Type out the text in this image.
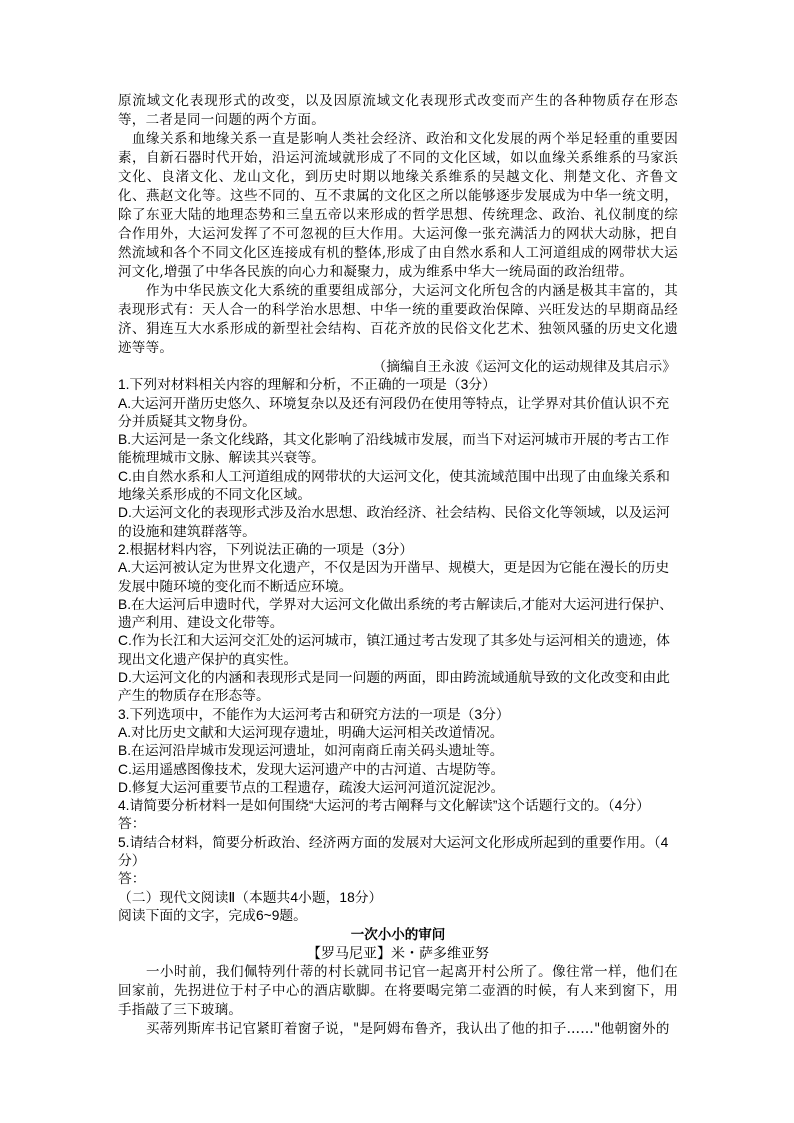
原流域文化表现形式的改变，以及因原流域文化表现形式改变而产生的各种物质存在形态等，二者是同一问题的两个方面。

血缘关系和地缘关系一直是影响人类社会经济、政治和文化发展的两个举足轻重的重要因素，自新石器时代开始，沿运河流域就形成了不同的文化区域，如以血缘关系维系的马家浜文化、良渚文化、龙山文化，到历史时期以地缘关系维系的吴越文化、荆楚文化、齐鲁文化、燕赵文化等。这些不同的、互不隶属的文化区之所以能够逐步发展成为中华一统文明，除了东亚大陆的地理态势和三皇五帝以来形成的哲学思想、传统理念、政治、礼仪制度的综合作用外，大运河发挥了不可忽视的巨大作用。大运河像一张充满活力的网状大动脉，把自然流域和各个不同文化区连接成有机的整体,形成了由自然水系和人工河道组成的网带状大运河文化,增强了中华各民族的向心力和凝聚力，成为维系中华大一统局面的政治纽带。

作为中华民族文化大系统的重要组成部分，大运河文化所包含的内涵是极其丰富的，其表现形式有：天人合一的科学治水思想、中华一统的重要政治保障、兴旺发达的早期商品经济、狷连互大水系形成的新型社会结构、百花齐放的民俗文化艺术、独领风骚的历史文化遗迹等等。

（摘编自王永波《运河文化的运动规律及其启示》

1.下列对材料相关内容的理解和分析，不正确的一项是（3分）

A.大运河开凿历史悠久、环境复杂以及还有河段仍在使用等特点，让学界对其价值认识不充分并质疑其文物身份。

B.大运河是一条文化线路，其文化影响了沿线城市发展，而当下对运河城市开展的考古工作能梳理城市文脉、解读其兴衰等。

C.由自然水系和人工河道组成的网带状的大运河文化，使其流域范围中出现了由血缘关系和地缘关系形成的不同文化区域。

D.大运河文化的表现形式涉及治水思想、政治经济、社会结构、民俗文化等领域，以及运河的设施和建筑群落等。

2.根据材料内容，下列说法正确的一项是（3分）

A.大运河被认定为世界文化遗产，不仅是因为开凿早、规模大，更是因为它能在漫长的历史发展中随环境的变化而不断适应环境。

B.在大运河后申遗时代，学界对大运河文化做出系统的考古解读后,才能对大运河进行保护、遗产利用、建设文化带等。

C.作为长江和大运河交汇处的运河城市，镇江通过考古发现了其多处与运河相关的遗迹，体现出文化遗产保护的真实性。

D.大运河文化的内涵和表现形式是同一问题的两面，即由跨流域通航导致的文化改变和由此产生的物质存在形态等。

3.下列选项中，不能作为大运河考古和研究方法的一项是（3分）

A.对比历史文献和大运河现存遗址，明确大运河相关改道情况。

B.在运河沿岸城市发现运河遗址，如河南商丘南关码头遗址等。

C.运用遥感图像技术，发现大运河遗产中的古河道、古堤防等。

D.修复大运河重要节点的工程遗存，疏浚大运河河道沉淀泥沙。

4.请简要分析材料一是如何围绕“大运河的考古阐释与文化解读”这个话题行文的。（4分）

答：

5.请结合材料，简要分析政治、经济两方面的发展对大运河文化形成所起到的重要作用。（4分）

答：

（二）现代文阅读Ⅱ（本题共4小题，18分）

阅读下面的文字，完成6~9题。

一次小小的审问

【罗马尼亚】米・萨多维亚努

一小时前，我们佩特列什蒂的村长就同书记官一起离开村公所了。像往常一样，他们在回家前，先拐进位于村子中心的酒店歇脚。在将要喝完第二壶酒的时候，有人来到窗下，用手指敲了三下玻璃。

买蒂列斯库书记官紧盯着窗子说，"是阿姆布鲁齐，我认出了他的扣子……"他朝窗外的
